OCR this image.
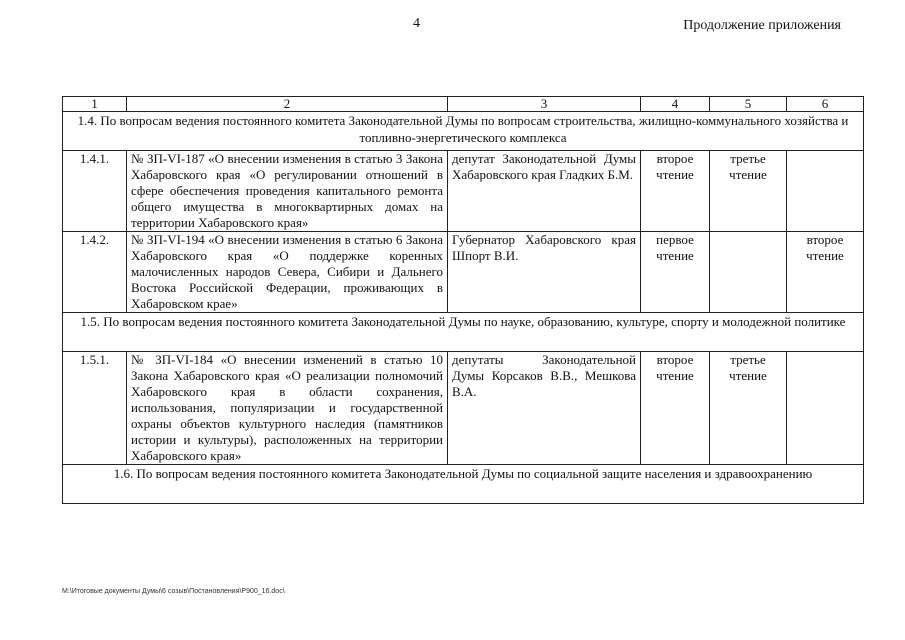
4	Продолжение приложения
1	2	3	4	5	6
1.4. По вопросам ведения постоянного комитета Законодательной Думы по вопросам строительства, жилищно-коммунального хозяйства и топливно-энергетического комплекса					
1.4.1.	№ ЗП-VI-187 «О внесении изменения в статью 3 Закона Хабаровского края «О регулировании отношений в сфере обеспечения проведения капитального ремонта общего имущества в многоквартирных домах на территории Хабаровского края»	депутат Законодательной Думы Хабаровского края Гладких Б.М.	второе чтение	третье чтение	
1.4.2.	№ ЗП-VI-194 «О внесении изменения в статью 6 Закона Хабаровского края «О поддержке коренных малочисленных народов Севера, Сибири и Дальнего Востока Российской Федерации, проживающих в Хабаровском крае»	Губернатор Хабаровского края Шпорт В.И.	первое чтение		второе чтение
1.5. По вопросам ведения постоянного комитета Законодательной Думы по науке, образованию, культуре, спорту и молодежной политике					
1.5.1.	№ ЗП-VI-184 «О внесении изменений в статью 10 Закона Хабаровского края «О реализации полномочий Хабаровского края в области сохранения, использования, популяризации и государственной охраны объектов культурного наследия (памятников истории и культуры), расположенных на территории Хабаровского края»	депутаты Законодательной Думы Корсаков В.В., Мешкова В.А.	второе чтение	третье чтение	
1.6. По вопросам ведения постоянного комитета Законодательной Думы по социальной защите населения и здравоохранению					
M:\Итоговые документы Думы\6 созыв\Постановления\P900_16.doc\
